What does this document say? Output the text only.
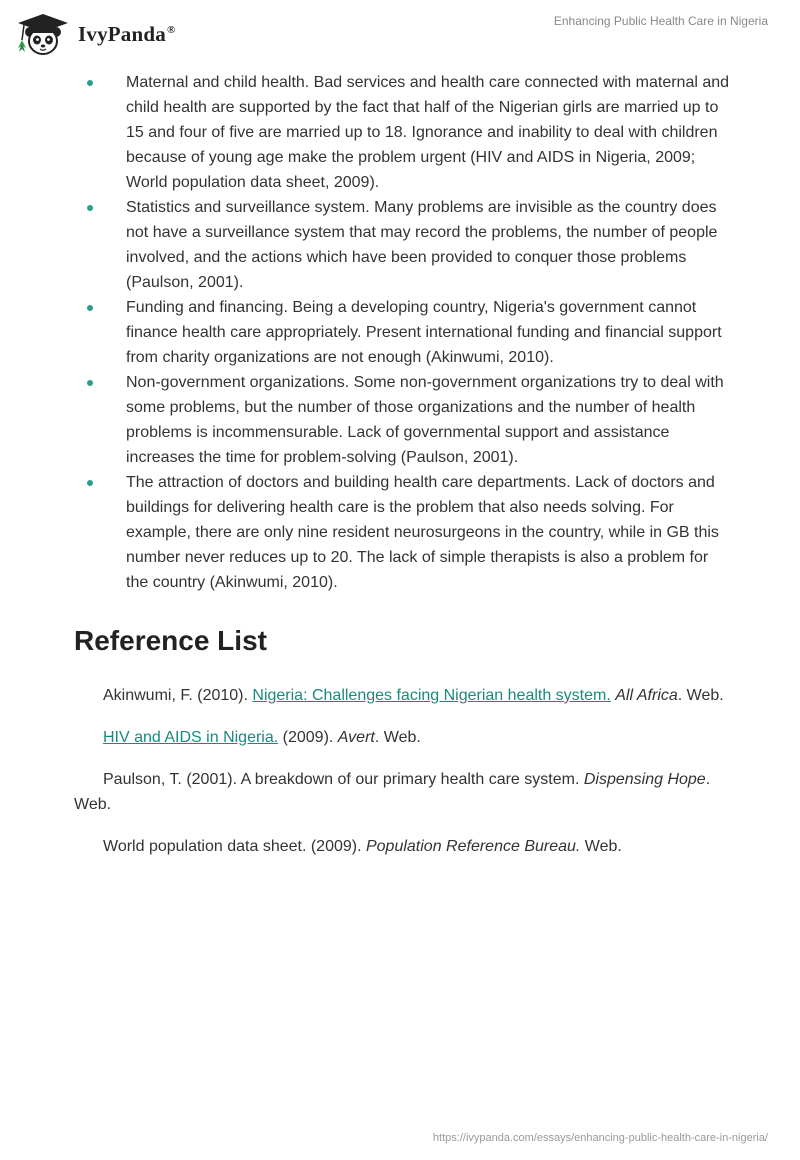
IvyPanda®
Enhancing Public Health Care in Nigeria
Maternal and child health. Bad services and health care connected with maternal and child health are supported by the fact that half of the Nigerian girls are married up to 15 and four of five are married up to 18. Ignorance and inability to deal with children because of young age make the problem urgent (HIV and AIDS in Nigeria, 2009; World population data sheet, 2009).
Statistics and surveillance system. Many problems are invisible as the country does not have a surveillance system that may record the problems, the number of people involved, and the actions which have been provided to conquer those problems (Paulson, 2001).
Funding and financing. Being a developing country, Nigeria's government cannot finance health care appropriately. Present international funding and financial support from charity organizations are not enough (Akinwumi, 2010).
Non-government organizations. Some non-government organizations try to deal with some problems, but the number of those organizations and the number of health problems is incommensurable. Lack of governmental support and assistance increases the time for problem-solving (Paulson, 2001).
The attraction of doctors and building health care departments. Lack of doctors and buildings for delivering health care is the problem that also needs solving. For example, there are only nine resident neurosurgeons in the country, while in GB this number never reduces up to 20. The lack of simple therapists is also a problem for the country (Akinwumi, 2010).
Reference List

Akinwumi, F. (2010). Nigeria: Challenges facing Nigerian health system. All Africa. Web.

HIV and AIDS in Nigeria. (2009). Avert. Web.

Paulson, T. (2001). A breakdown of our primary health care system. Dispensing Hope. Web.

World population data sheet. (2009). Population Reference Bureau. Web.

https://ivypanda.com/essays/enhancing-public-health-care-in-nigeria/
